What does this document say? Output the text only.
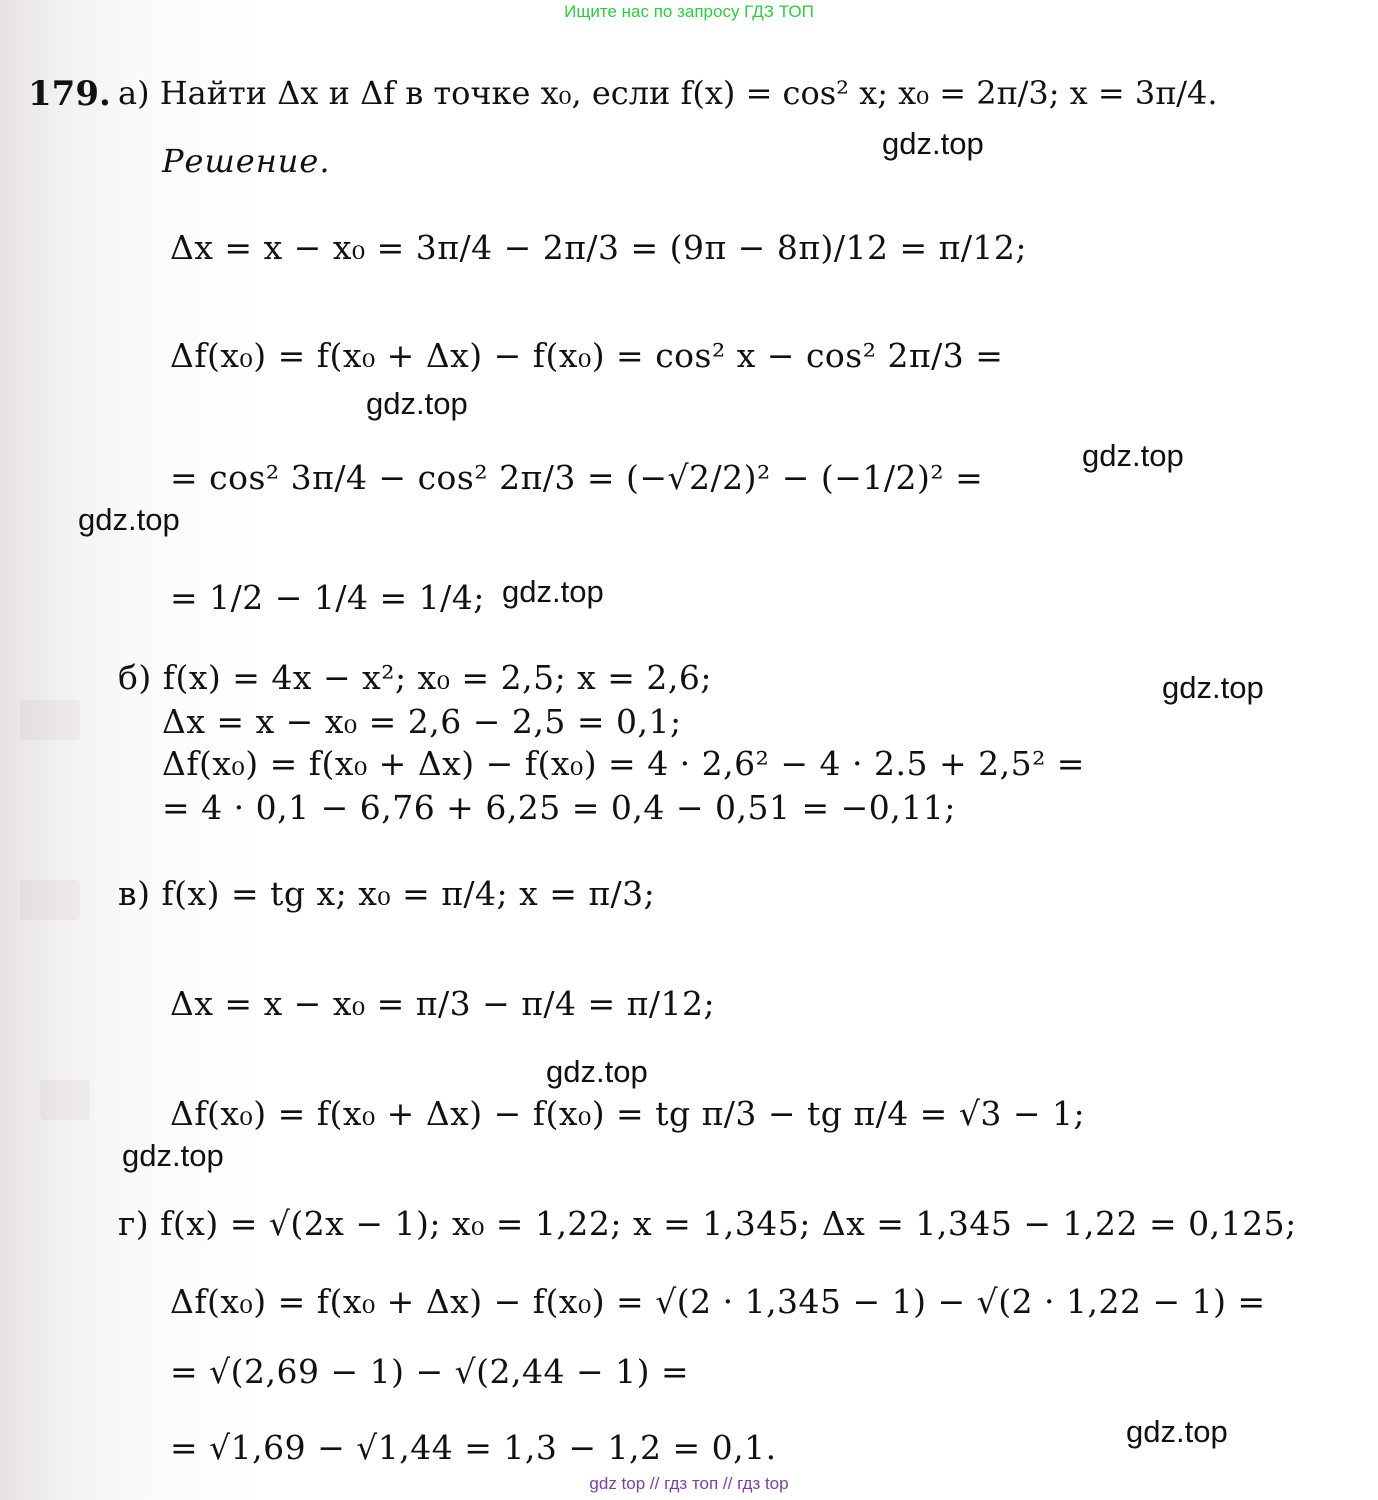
Ищите нас по запросу ГДЗ ТОП
179. а) Найти Δx и Δf в точке x₀, если f(x) = cos² x; x₀ = 2π/3; x = 3π/4.
Решение.
Δx = x − x₀ = 3π/4 − 2π/3 = (9π − 8π)/12 = π/12;
Δf(x₀) = f(x₀ + Δx) − f(x₀) = cos² x − cos² 2π/3 =
= cos² 3π/4 − cos² 2π/3 = (−√2/2)² − (−1/2)² =
= 1/2 − 1/4 = 1/4;
б) f(x) = 4x − x²; x₀ = 2,5; x = 2,6;
Δx = x − x₀ = 2,6 − 2,5 = 0,1;
Δf(x₀) = f(x₀ + Δx) − f(x₀) = 4 · 2,6² − 4 · 2.5 + 2,5² =
= 4 · 0,1 − 6,76 + 6,25 = 0,4 − 0,51 = −0,11;
в) f(x) = tg x; x₀ = π/4; x = π/3;
Δx = x − x₀ = π/3 − π/4 = π/12;
Δf(x₀) = f(x₀ + Δx) − f(x₀) = tg π/3 − tg π/4 = √3 − 1;
г) f(x) = √(2x − 1); x₀ = 1,22; x = 1,345; Δx = 1,345 − 1,22 = 0,125;
Δf(x₀) = f(x₀ + Δx) − f(x₀) = √(2 · 1,345 − 1) − √(2 · 1,22 − 1) =
= √(2,69 − 1) − √(2,44 − 1) =
= √1,69 − √1,44 = 1,3 − 1,2 = 0,1.
gdz.top
gdz.top
gdz.top
gdz.top
gdz.top
gdz.top
gdz.top
gdz.top
gdz.top
gdz top // гдз топ // гдз top
